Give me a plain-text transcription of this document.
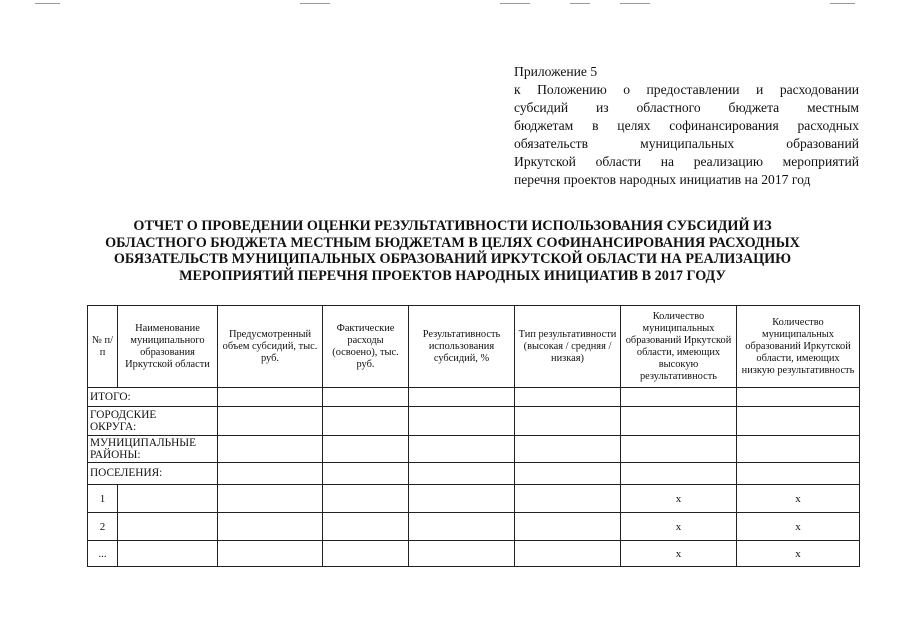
Приложение 5
к Положению о предоставлении и расходовании
субсидий из областного бюджета местным
бюджетам в целях софинансирования расходных
обязательств муниципальных образований
Иркутской области на реализацию мероприятий
перечня проектов народных инициатив на 2017 год
ОТЧЕТ О ПРОВЕДЕНИИ ОЦЕНКИ РЕЗУЛЬТАТИВНОСТИ ИСПОЛЬЗОВАНИЯ СУБСИДИЙ ИЗ
ОБЛАСТНОГО БЮДЖЕТА МЕСТНЫМ БЮДЖЕТАМ В ЦЕЛЯХ СОФИНАНСИРОВАНИЯ РАСХОДНЫХ
ОБЯЗАТЕЛЬСТВ МУНИЦИПАЛЬНЫХ ОБРАЗОВАНИЙ ИРКУТСКОЙ ОБЛАСТИ НА РЕАЛИЗАЦИЮ
МЕРОПРИЯТИЙ ПЕРЕЧНЯ ПРОЕКТОВ НАРОДНЫХ ИНИЦИАТИВ В 2017 ГОДУ
№ п/п	Наименование муниципального образования Иркутской области	Предусмотренный объем субсидий, тыс. руб.	Фактические расходы (освоено), тыс. руб.	Результативность использования субсидий, %	Тип результативности (высокая / средняя / низкая)	Количество муниципальных образований Иркутской области, имеющих высокую результативность	Количество муниципальных образований Иркутской области, имеющих низкую результативность
ИТОГО:							
ГОРОДСКИЕ ОКРУГА:							
МУНИЦИПАЛЬНЫЕ РАЙОНЫ:							
ПОСЕЛЕНИЯ:							
1						x	x
2						x	x
...						x	x
